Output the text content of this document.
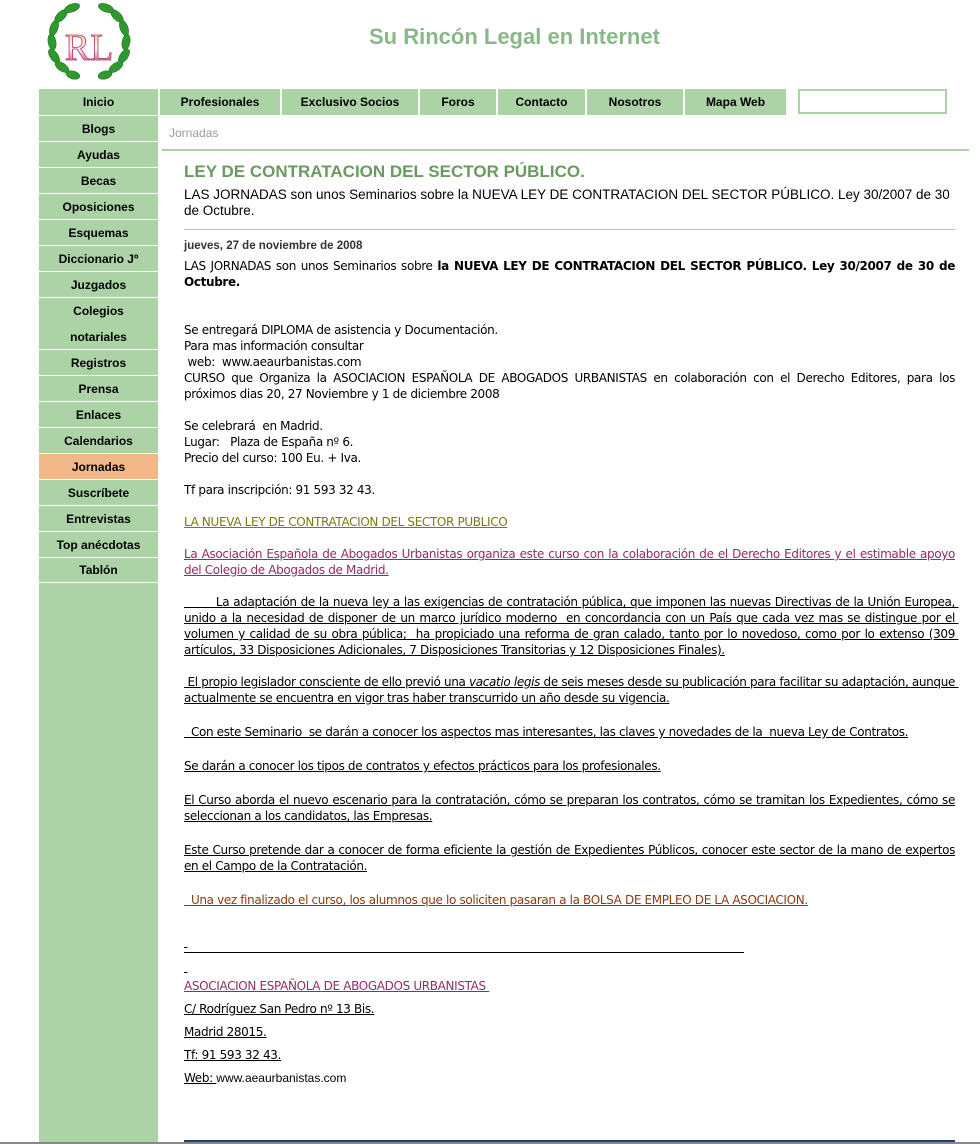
RL	Su Rincón Legal en Internet
Inicio	Profesionales	Exclusivo Socios	Foros	Contacto	Nosotros	Mapa Web
Blogs
Ayudas
Becas
Oposiciones
Esquemas
Diccionario Jº
Juzgados
Colegios
notariales
Registros
Prensa
Enlaces
Calendarios
Jornadas
Suscríbete
Entrevistas
Top anécdotas
Tablón
Jornadas
LEY DE CONTRATACION DEL SECTOR PÚBLICO.
LAS JORNADAS son unos Seminarios sobre la NUEVA LEY DE CONTRATACION DEL SECTOR PÚBLICO. Ley 30/2007 de 30 de Octubre.
jueves, 27 de noviembre de 2008
LAS JORNADAS son unos Seminarios sobre la NUEVA LEY DE CONTRATACION DEL SECTOR PÚBLICO. Ley 30/2007 de 30 de Octubre.
Se entregará DIPLOMA de asistencia y Documentación.
Para mas información consultar
web:  www.aeaurbanistas.com
CURSO que Organiza la ASOCIACION ESPAÑOLA DE ABOGADOS URBANISTAS en colaboración con el Derecho Editores, para los próximos dias 20, 27 Noviembre y 1 de diciembre 2008
Se celebrará  en Madrid.
Lugar:   Plaza de España nº 6.
Precio del curso: 100 Eu. + Iva.
Tf para inscripción: 91 593 32 43.
LA NUEVA LEY DE CONTRATACION DEL SECTOR PUBLICO
La Asociación Española de Abogados Urbanistas organiza este curso con la colaboración de el Derecho Editores y el estimable apoyo del Colegio de Abogados de Madrid.
La adaptación de la nueva ley a las exigencias de contratación pública, que imponen las nuevas Directivas de la Unión Europea, unido a la necesidad de disponer de un marco jurídico moderno  en concordancia con un País que cada vez mas se distingue por el volumen y calidad de su obra pública;  ha propiciado una reforma de gran calado, tanto por lo novedoso, como por lo extenso (309 artículos, 33 Disposiciones Adicionales, 7 Disposiciones Transitorias y 12 Disposiciones Finales).
El propio legislador consciente de ello previó una vacatio legis de seis meses desde su publicación para facilitar su adaptación, aunque actualmente se encuentra en vigor tras haber transcurrido un año desde su vigencia.
Con este Seminario  se darán a conocer los aspectos mas interesantes, las claves y novedades de la  nueva Ley de Contratos.
Se darán a conocer los tipos de contratos y efectos prácticos para los profesionales.
El Curso aborda el nuevo escenario para la contratación, cómo se preparan los contratos, cómo se tramitan los Expedientes, cómo se seleccionan a los candidatos, las Empresas.
Este Curso pretende dar a conocer de forma eficiente la gestión de Expedientes Públicos, conocer este sector de la mano de expertos en el Campo de la Contratación.
Una vez finalizado el curso, los alumnos que lo soliciten pasaran a la BOLSA DE EMPLEO DE LA ASOCIACION.

ASOCIACION ESPAÑOLA DE ABOGADOS URBANISTAS
C/ Rodríguez San Pedro nº 13 Bis.
Madrid 28015.
Tf: 91 593 32 43.
Web: www.aeaurbanistas.com
